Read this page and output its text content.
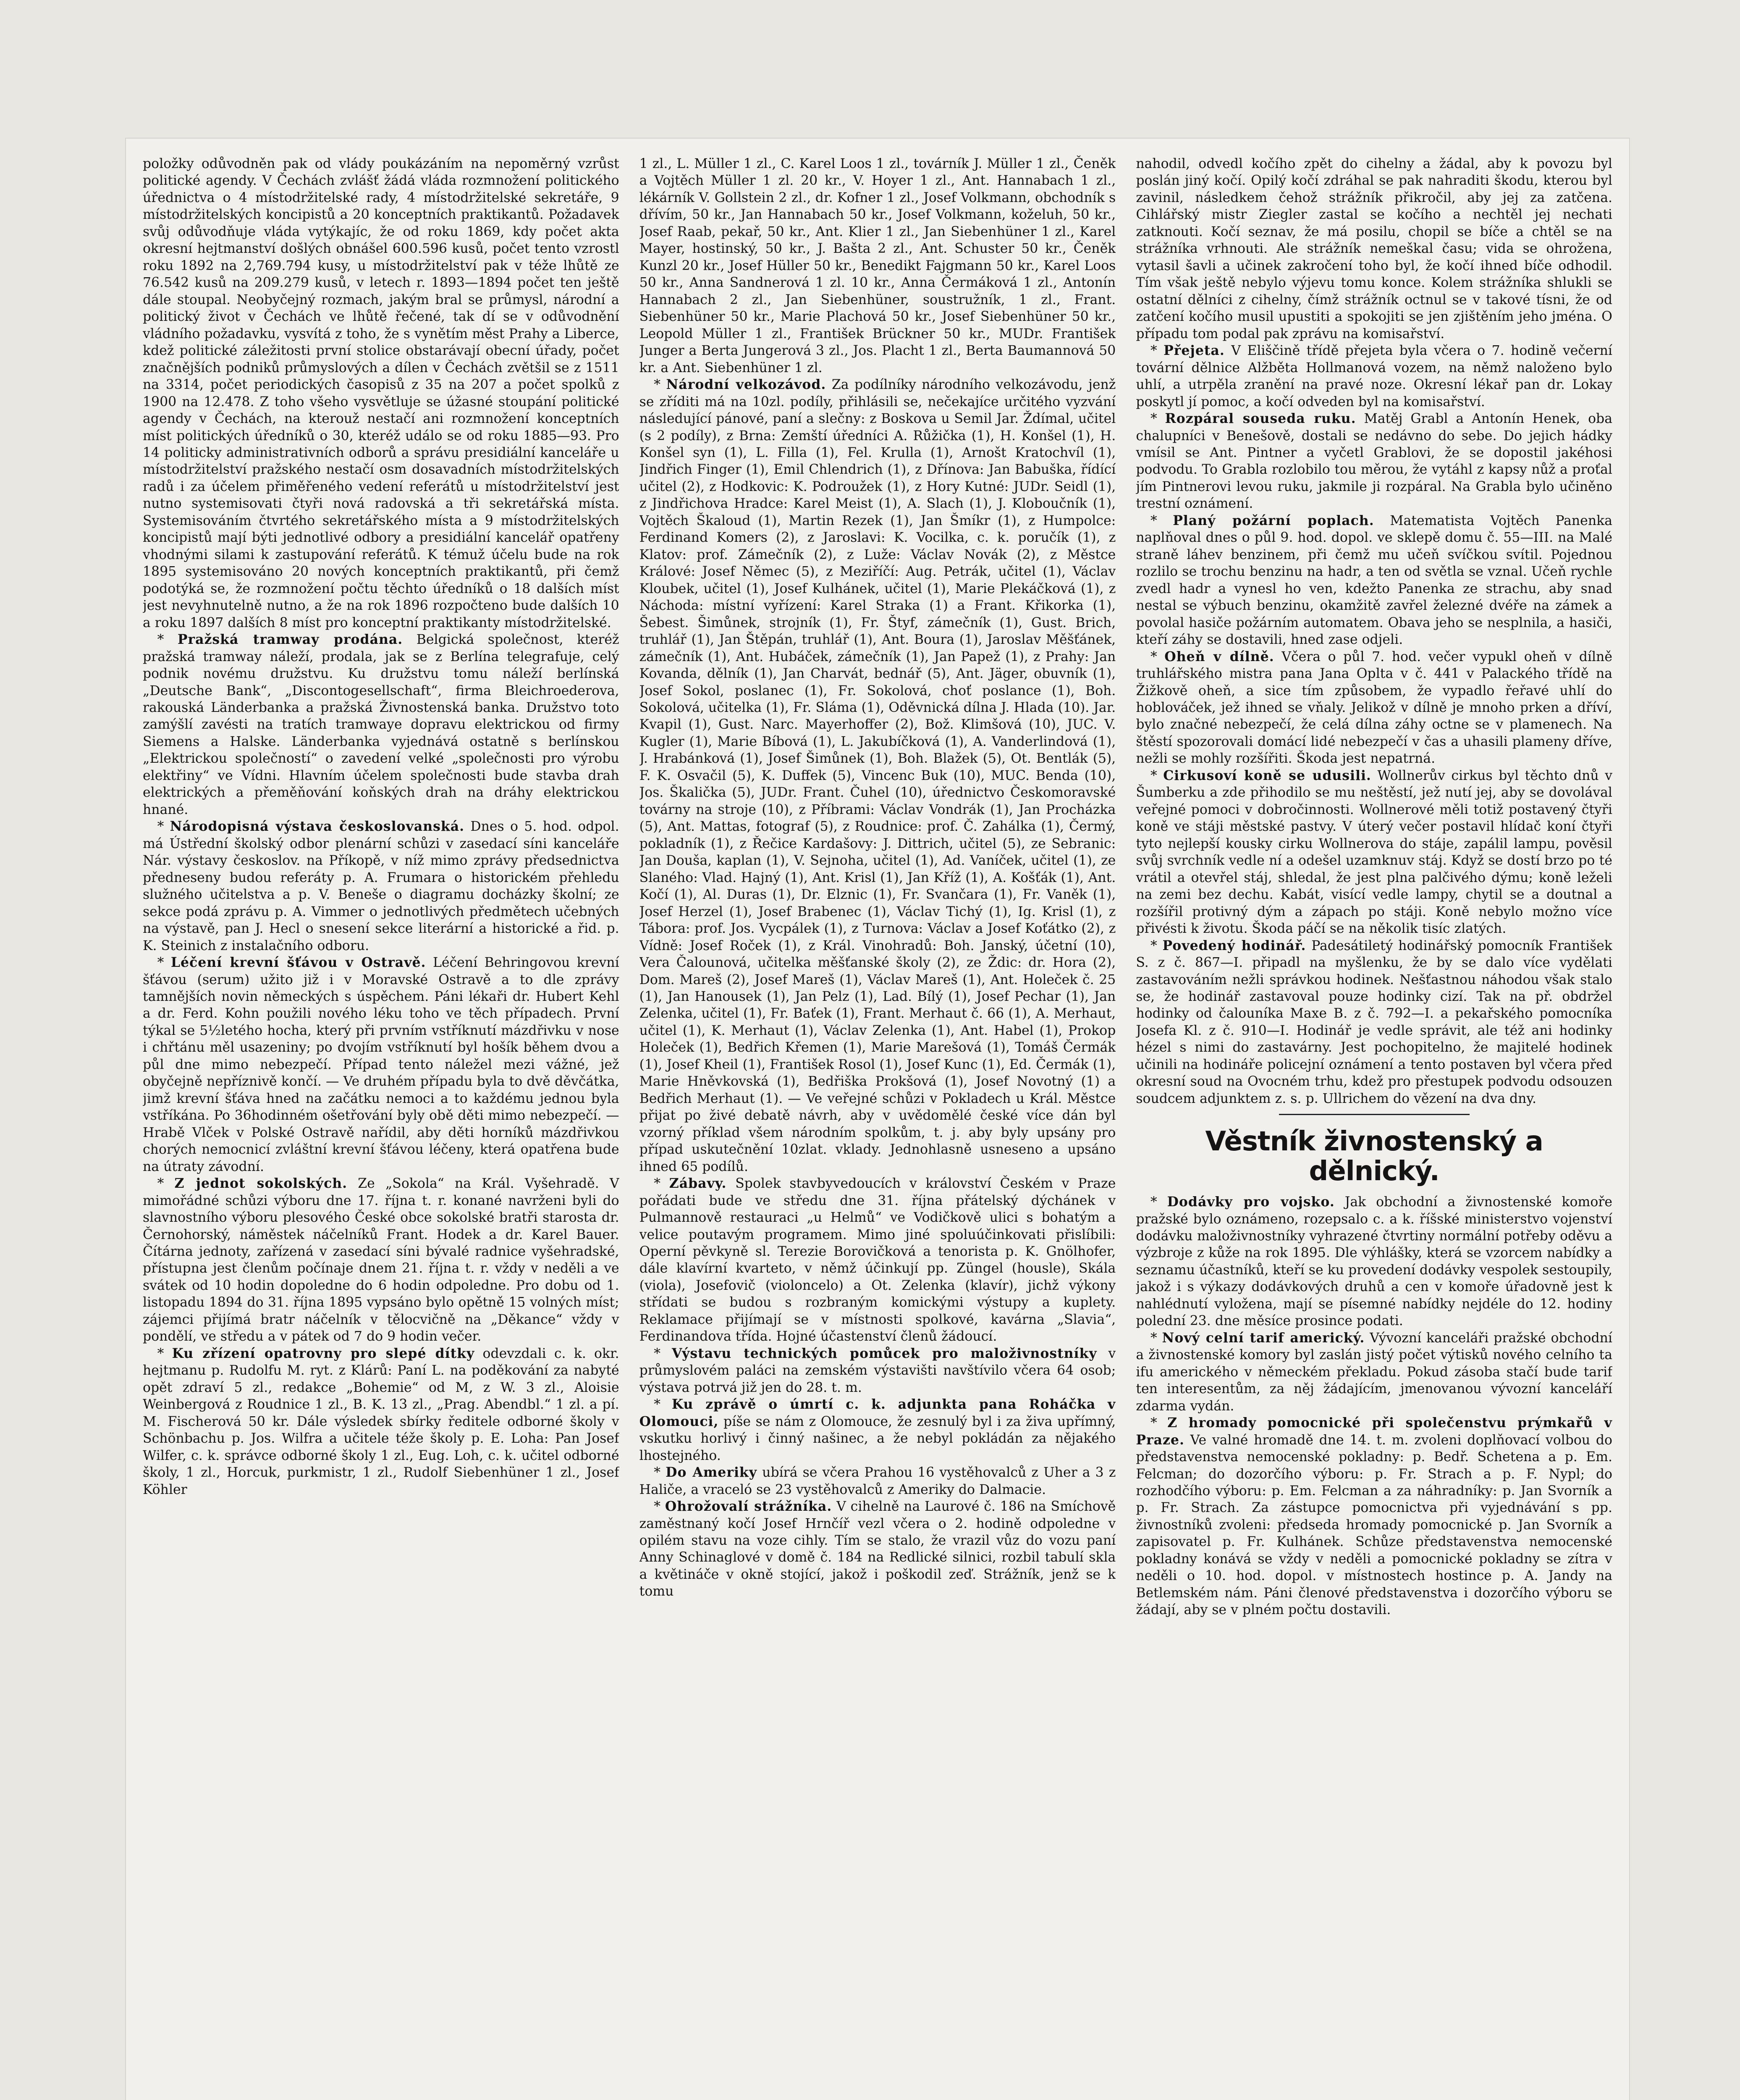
položky odůvodněn pak od vlády poukázáním na nepoměrný vzrůst politické agendy. V Čechách zvlášť žádá vláda rozmnožení politického úřednictva o 4 místodržitelské rady, 4 místodržitelské sekretáře, 9 místodržitelských koncipistů a 20 konceptních praktikantů. Požadavek svůj odůvodňuje vláda vytýkajíc, že od roku 1869, kdy počet akta okresní hejtmanství došlých obnášel 600.596 kusů, počet tento vzrostl roku 1892 na 2,769.794 kusy, u místodržitelství pak v téže lhůtě ze 76.542 kusů na 209.279 kusů, v letech r. 1893—1894 počet ten ještě dále stoupal. Neobyčejný rozmach, jakým bral se průmysl, národní a politický život v Čechách ve lhůtě řečené, tak dí se v odůvodnění vládního požadavku, vysvítá z toho, že s vynětím měst Prahy a Liberce, kdež politické záležitosti první stolice obstarávají obecní úřady, počet značnějších podniků průmyslových a dílen v Čechách zvětšil se z 1511 na 3314, počet periodických časopisů z 35 na 207 a počet spolků z 1900 na 12.478. Z toho všeho vysvětluje se úžasné stoupání politické agendy v Čechách, na kterouž nestačí ani rozmnožení konceptních míst politických úředníků o 30, kteréž událo se od roku 1885—93. Pro 14 politicky administrativních odborů a správu presidiální kanceláře u místodržitelství pražského nestačí osm dosavadních místodržitelských radů i za účelem přiměřeného vedení referátů u místodržitelství jest nutno systemisovati čtyři nová radovská a tři sekretářská místa. Systemisováním čtvrtého sekretářského místa a 9 místodržitelských koncipistů mají býti jednotlivé odbory a presidiální kancelář opatřeny vhodnými silami k zastupování referátů. K témuž účelu bude na rok 1895 systemisováno 20 nových konceptních praktikantů, při čemž podotýká se, že rozmnožení počtu těchto úředníků o 18 dalších míst jest nevyhnutelně nutno, a že na rok 1896 rozpočteno bude dalších 10 a roku 1897 dalších 8 míst pro konceptní praktikanty místodržitelské.

* Pražská tramway prodána. Belgická společnost, kteréž pražská tramway náleží, prodala, jak se z Berlína telegrafuje, celý podnik novému družstvu. Ku družstvu tomu náleží berlínská „Deutsche Bank“, „Discontogesellschaft“, firma Bleichroederova, rakouská Länderbanka a pražská Živnostenská banka. Družstvo toto zamýšlí zavésti na tratích tramwaye dopravu elektrickou od firmy Siemens a Halske. Länderbanka vyjednává ostatně s berlínskou „Elektrickou společností“ o zavedení velké „společnosti pro výrobu elektřiny“ ve Vídni. Hlavním účelem společnosti bude stavba drah elektrických a přeměňování koňských drah na dráhy elektrickou hnané.

* Národopisná výstava českoslovanská. Dnes o 5. hod. odpol. má Ústřední školský odbor plenární schůzi v zasedací síni kanceláře Nár. výstavy českoslov. na Příkopě, v níž mimo zprávy předsednictva předneseny budou referáty p. A. Frumara o historickém přehledu služného učitelstva a p. V. Beneše o diagramu docházky školní; ze sekce podá zprávu p. A. Vimmer o jednotlivých předmětech učebných na výstavě, pan J. Hecl o snesení sekce literární a historické a řid. p. K. Steinich z instalačního odboru.

* Léčení krevní šťávou v Ostravě. Léčení Behringovou krevní šťávou (serum) užito již i v Moravské Ostravě a to dle zprávy tamnějších novin německých s úspěchem. Páni lékaři dr. Hubert Kehl a dr. Ferd. Kohn použili nového léku toho ve těch případech. První týkal se 5½letého hocha, který při prvním vstříknutí mázdřivku v nose i chřtánu měl usazeniny; po dvojím vstříknutí byl hošík během dvou a půl dne mimo nebezpečí. Případ tento náležel mezi vážné, jež obyčejně nepříznivě končí. — Ve druhém případu byla to dvě děvčátka, jimž krevní šťáva hned na začátku nemoci a to každému jednou byla vstříkána. Po 36hodinném ošetřování byly obě děti mimo nebezpečí. — Hrabě Vlček v Polské Ostravě nařídil, aby děti horníků mázdřivkou chorých nemocnicí zvláštní krevní šťávou léčeny, která opatřena bude na útraty závodní.

* Z jednot sokolských. Ze „Sokola“ na Král. Vyšehradě. V mimořádné schůzi výboru dne 17. října t. r. konané navrženi byli do slavnostního výboru plesového České obce sokolské bratři starosta dr. Černohorský, náměstek náčelníků Frant. Hodek a dr. Karel Bauer. Čítárna jednoty, zařízená v zasedací síni bývalé radnice vyšehradské, přístupna jest členům počínaje dnem 21. října t. r. vždy v neděli a ve svátek od 10 hodin dopoledne do 6 hodin odpoledne. Pro dobu od 1. listopadu 1894 do 31. října 1895 vypsáno bylo opětně 15 volných míst; zájemci přijímá bratr náčelník v tělocvičně na „Děkance“ vždy v pondělí, ve středu a v pátek od 7 do 9 hodin večer.

* Ku zřízení opatrovny pro slepé dítky odevzdali c. k. okr. hejtmanu p. Rudolfu M. ryt. z Klárů: Paní L. na poděkování za nabyté opět zdraví 5 zl., redakce „Bohemie“ od M, z W. 3 zl., Aloisie Weinbergová z Roudnice 1 zl., B. K. 13 zl., „Prag. Abendbl.“ 1 zl. a pí. M. Fischerová 50 kr. Dále výsledek sbírky ředitele odborné školy v Schönbachu p. Jos. Wilfra a učitele téže školy p. E. Loha: Pan Josef Wilfer, c. k. správce odborné školy 1 zl., Eug. Loh, c. k. učitel odborné školy, 1 zl., Horcuk, purkmistr, 1 zl., Rudolf Siebenhüner 1 zl., Josef Köhler

1 zl., L. Müller 1 zl., C. Karel Loos 1 zl., továrník J. Müller 1 zl., Čeněk a Vojtěch Müller 1 zl. 20 kr., V. Hoyer 1 zl., Ant. Hannabach 1 zl., lékárník V. Gollstein 2 zl., dr. Kofner 1 zl., Josef Volkmann, obchodník s dřívím, 50 kr., Jan Hannabach 50 kr., Josef Volkmann, koželuh, 50 kr., Josef Raab, pekař, 50 kr., Ant. Klier 1 zl., Jan Siebenhüner 1 zl., Karel Mayer, hostinský, 50 kr., J. Bašta 2 zl., Ant. Schuster 50 kr., Čeněk Kunzl 20 kr., Josef Hüller 50 kr., Benedikt Fajgmann 50 kr., Karel Loos 50 kr., Anna Sandnerová 1 zl. 10 kr., Anna Čermáková 1 zl., Antonín Hannabach 2 zl., Jan Siebenhüner, soustružník, 1 zl., Frant. Siebenhüner 50 kr., Marie Plachová 50 kr., Josef Siebenhüner 50 kr., Leopold Müller 1 zl., František Brückner 50 kr., MUDr. František Junger a Berta Jungerová 3 zl., Jos. Placht 1 zl., Berta Baumannová 50 kr. a Ant. Siebenhüner 1 zl.

* Národní velkozávod. Za podílníky národního velkozávodu, jenž se zříditi má na 10zl. podíly, přihlásili se, nečekajíce určitého vyzvání následující pánové, paní a slečny: z Boskova u Semil Jar. Ždímal, učitel (s 2 podíly), z Brna: Zemští úředníci A. Růžička (1), H. Konšel (1), H. Konšel syn (1), L. Filla (1), Fel. Krulla (1), Arnošt Kratochvíl (1), Jindřich Finger (1), Emil Chlendrich (1), z Dřínova: Jan Babuška, řídící učitel (2), z Hodkovic: K. Podroužek (1), z Hory Kutné: JUDr. Seidl (1), z Jindřichova Hradce: Karel Meist (1), A. Slach (1), J. Kloboučník (1), Vojtěch Škaloud (1), Martin Rezek (1), Jan Šmíkr (1), z Humpolce: Ferdinand Komers (2), z Jaroslavi: K. Vocilka, c. k. poručík (1), z Klatov: prof. Zámečník (2), z Luže: Václav Novák (2), z Městce Králové: Josef Němec (5), z Meziříčí: Aug. Petrák, učitel (1), Václav Kloubek, učitel (1), Josef Kulhánek, učitel (1), Marie Plekáčková (1), z Náchoda: místní vyřízení: Karel Straka (1) a Frant. Křikorka (1), Šebest. Šimůnek, strojník (1), Fr. Štyf, zámečník (1), Gust. Brich, truhlář (1), Jan Štěpán, truhlář (1), Ant. Boura (1), Jaroslav Měšťánek, zámečník (1), Ant. Hubáček, zámečník (1), Jan Papež (1), z Prahy: Jan Kovanda, dělník (1), Jan Charvát, bednář (5), Ant. Jäger, obuvník (1), Josef Sokol, poslanec (1), Fr. Sokolová, choť poslance (1), Boh. Sokolová, učitelka (1), Fr. Sláma (1), Oděvnická dílna J. Hlada (10). Jar. Kvapil (1), Gust. Narc. Mayerhoffer (2), Bož. Klimšová (10), JUC. V. Kugler (1), Marie Bíbová (1), L. Jakubíčková (1), A. Vanderlindová (1), J. Hrabánková (1), Josef Šimůnek (1), Boh. Blažek (5), Ot. Bentlák (5), F. K. Osvačil (5), K. Duffek (5), Vincenc Buk (10), MUC. Benda (10), Jos. Škalička (5), JUDr. Frant. Čuhel (10), úřednictvo Českomoravské továrny na stroje (10), z Příbrami: Václav Vondrák (1), Jan Procházka (5), Ant. Mattas, fotograf (5), z Roudnice: prof. Č. Zahálka (1), Čermý, pokladník (1), z Řečice Kardašovy: J. Dittrich, učitel (5), ze Sebranic: Jan Douša, kaplan (1), V. Sejnoha, učitel (1), Ad. Vaníček, učitel (1), ze Slaného: Vlad. Hajný (1), Ant. Krisl (1), Jan Kříž (1), A. Košťák (1), Ant. Kočí (1), Al. Duras (1), Dr. Elznic (1), Fr. Svančara (1), Fr. Vaněk (1), Josef Herzel (1), Josef Brabenec (1), Václav Tichý (1), Ig. Krisl (1), z Tábora: prof. Jos. Vycpálek (1), z Turnova: Václav a Josef Koťátko (2), z Vídně: Josef Roček (1), z Král. Vinohradů: Boh. Janský, účetní (10), Vera Čalounová, učitelka měšťanské školy (2), ze Ždic: dr. Hora (2), Dom. Mareš (2), Josef Mareš (1), Václav Mareš (1), Ant. Holeček č. 25 (1), Jan Hanousek (1), Jan Pelz (1), Lad. Bílý (1), Josef Pechar (1), Jan Zelenka, učitel (1), Fr. Baťek (1), Frant. Merhaut č. 66 (1), A. Merhaut, učitel (1), K. Merhaut (1), Václav Zelenka (1), Ant. Habel (1), Prokop Holeček (1), Bedřich Křemen (1), Marie Marešová (1), Tomáš Čermák (1), Josef Kheil (1), František Rosol (1), Josef Kunc (1), Ed. Čermák (1), Marie Hněvkovská (1), Bedřiška Prokšová (1), Josef Novotný (1) a Bedřich Merhaut (1). — Ve veřejné schůzi v Pokladech u Král. Městce přijat po živé debatě návrh, aby v uvědomělé české více dán byl vzorný příklad všem národním spolkům, t. j. aby byly upsány pro případ uskutečnění 10zlat. vklady. Jednohlasně usneseno a upsáno ihned 65 podílů.

* Zábavy. Spolek stavbyvedoucích v království Českém v Praze pořádati bude ve středu dne 31. října přátelský dýchánek v Pulmannově restauraci „u Helmů“ ve Vodičkově ulici s bohatým a velice poutavým programem. Mimo jiné spoluúčinkovati přislíbili: Operní pěvkyně sl. Terezie Borovičková a tenorista p. K. Gnölhofer, dále klavírní kvarteto, v němž účinkují pp. Züngel (housle), Skála (viola), Josefovič (violoncelo) a Ot. Zelenka (klavír), jichž výkony střídati se budou s rozbraným komickými výstupy a kuplety. Reklamace přijímají se v místnosti spolkové, kavárna „Slavia“, Ferdinandova třída. Hojné účastenství členů žádoucí.

* Výstavu technických pomůcek pro maloživnostníky v průmyslovém paláci na zemském výstavišti navštívilo včera 64 osob; výstava potrvá již jen do 28. t. m.

* Ku zprávě o úmrtí c. k. adjunkta pana Roháčka v Olomouci, píše se nám z Olomouce, že zesnulý byl i za živa upřímný, vskutku horlivý i činný našinec, a že nebyl pokládán za nějakého lhostejného.

* Do Ameriky ubírá se včera Prahou 16 vystěhovalců z Uher a 3 z Haliče, a vraceló se 23 vystěhovalců z Ameriky do Dalmacie.

* Ohrožovalí strážníka. V cihelně na Laurové č. 186 na Smíchově zaměstnaný kočí Josef Hrnčíř vezl včera o 2. hodině odpoledne v opilém stavu na voze cihly. Tím se stalo, že vrazil vůz do vozu paní Anny Schinaglové v domě č. 184 na Redlické silnici, rozbil tabulí skla a květináče v okně stojící, jakož i poškodil zeď. Strážník, jenž se k tomu

nahodil, odvedl kočího zpět do cihelny a žádal, aby k povozu byl poslán jiný kočí. Opilý kočí zdráhal se pak nahraditi škodu, kterou byl zavinil, následkem čehož strážník přikročil, aby jej za zatčena. Cihlářský mistr Ziegler zastal se kočího a nechtěl jej nechati zatknouti. Kočí seznav, že má posilu, chopil se bíče a chtěl se na strážníka vrhnouti. Ale strážník nemeškal času; vida se ohrožena, vytasil šavli a učinek zakročení toho byl, že kočí ihned bíče odhodil. Tím však ještě nebylo výjevu tomu konce. Kolem strážníka shlukli se ostatní dělníci z cihelny, čímž strážník octnul se v takové tísni, že od zatčení kočího musil upustiti a spokojiti se jen zjištěním jeho jména. O případu tom podal pak zprávu na komisařství.

* Přejeta. V Eliščině třídě přejeta byla včera o 7. hodině večerní tovární dělnice Alžběta Hollmanová vozem, na němž naloženo bylo uhlí, a utrpěla zranění na pravé noze. Okresní lékař pan dr. Lokay poskytl jí pomoc, a kočí odveden byl na komisařství.

* Rozpáral souseda ruku. Matěj Grabl a Antonín Henek, oba chalupníci v Benešově, dostali se nedávno do sebe. Do jejich hádky vmísil se Ant. Pintner a vyčetl Grablovi, že se dopostil jakéhosi podvodu. To Grabla rozlobilo tou měrou, že vytáhl z kapsy nůž a proťal jím Pintnerovi levou ruku, jakmile ji rozpáral. Na Grabla bylo učiněno trestní oznámení.

* Planý požární poplach. Matematista Vojtěch Panenka naplňoval dnes o půl 9. hod. dopol. ve sklepě domu č. 55—III. na Malé straně láhev benzinem, při čemž mu učeň svíčkou svítil. Pojednou rozlilo se trochu benzinu na hadr, a ten od světla se vznal. Učeň rychle zvedl hadr a vynesl ho ven, kdežto Panenka ze strachu, aby snad nestal se výbuch benzinu, okamžitě zavřel železné dvéře na zámek a povolal hasiče požárním automatem. Obava jeho se nesplnila, a hasiči, kteří záhy se dostavili, hned zase odjeli.

* Oheň v dílně. Včera o půl 7. hod. večer vypukl oheň v dílně truhlářského mistra pana Jana Oplta v č. 441 v Palackého třídě na Žižkově oheň, a sice tím způsobem, že vypadlo řeřavé uhlí do hoblováček, jež ihned se vňaly. Jelikož v dílně je mnoho prken a dříví, bylo značné nebezpečí, že celá dílna záhy octne se v plamenech. Na štěstí spozorovali domácí lidé nebezpečí v čas a uhasili plameny dříve, nežli se mohly rozšířiti. Škoda jest nepatrná.

* Cirkusoví koně se udusili. Wollnerův cirkus byl těchto dnů v Šumberku a zde přihodilo se mu neštěstí, jež nutí jej, aby se dovolával veřejné pomoci v dobročinnosti. Wollnerové měli totiž postavený čtyři koně ve stáji městské pastvy. V úterý večer postavil hlídač koní čtyři tyto nejlepší kousky cirku Wollnerova do stáje, zapálil lampu, pověsil svůj svrchník vedle ní a odešel uzamknuv stáj. Když se dostí brzo po té vrátil a otevřel stáj, shledal, že jest plna palčivého dýmu; koně leželi na zemi bez dechu. Kabát, visící vedle lampy, chytil se a doutnal a rozšířil protivný dým a zápach po stáji. Koně nebylo možno více přivésti k životu. Škoda páčí se na několik tisíc zlatých.

* Povedený hodinář. Padesátiletý hodinářský pomocník František S. z č. 867—I. připadl na myšlenku, že by se dalo více vydělati zastavováním nežli správkou hodinek. Nešťastnou náhodou však stalo se, že hodinář zastavoval pouze hodinky cizí. Tak na př. obdržel hodinky od čalouníka Maxe B. z č. 792—I. a pekařského pomocníka Josefa Kl. z č. 910—I. Hodinář je vedle správit, ale též ani hodinky hézel s nimi do zastavárny. Jest pochopitelno, že majitelé hodinek učinili na hodináře policejní oznámení a tento postaven byl včera před okresní soud na Ovocném trhu, kdež pro přestupek podvodu odsouzen soudcem adjunktem z. s. p. Ullrichem do vězení na dva dny.

Věstník živnostenský a dělnický.

* Dodávky pro vojsko. Jak obchodní a živnostenské komoře pražské bylo oznámeno, rozepsalo c. a k. říšské ministerstvo vojenství dodávku maloživnostníky vyhrazené čtvrtiny normální potřeby oděvu a výzbroje z kůže na rok 1895. Dle výhlášky, která se vzorcem nabídky a seznamu účastníků, kteří se ku provedení dodávky vespolek sestoupily, jakož i s výkazy dodávkových druhů a cen v komoře úřadovně jest k nahlédnutí vyložena, mají se písemné nabídky nejdéle do 12. hodiny polední 23. dne měsíce prosince podati.

* Nový celní tarif americký. Vývozní kanceláři pražské obchodní a živnostenské komory byl zaslán jistý počet výtisků nového celního ta ifu amerického v německém překladu. Pokud zásoba stačí bude tarif ten interesentům, za něj žádajícím, jmenovanou vývozní kanceláří zdarma vydán.

* Z hromady pomocnické při společenstvu prýmkařů v Praze. Ve valné hromadě dne 14. t. m. zvoleni doplňovací volbou do představenstva nemocenské pokladny: p. Bedř. Schetena a p. Em. Felcman; do dozorčího výboru: p. Fr. Strach a p. F. Nypl; do rozhodčího výboru: p. Em. Felcman a za náhradníky: p. Jan Svorník a p. Fr. Strach. Za zástupce pomocnictva při vyjednávání s pp. živnostníků zvoleni: předseda hromady pomocnické p. Jan Svorník a zapisovatel p. Fr. Kulhánek. Schůze představenstva nemocenské pokladny konává se vždy v neděli a pomocnické pokladny se zítra v neděli o 10. hod. dopol. v místnostech hostince p. A. Jandy na Betlemském nám. Páni členové představenstva i dozorčího výboru se žádají, aby se v plném počtu dostavili.
